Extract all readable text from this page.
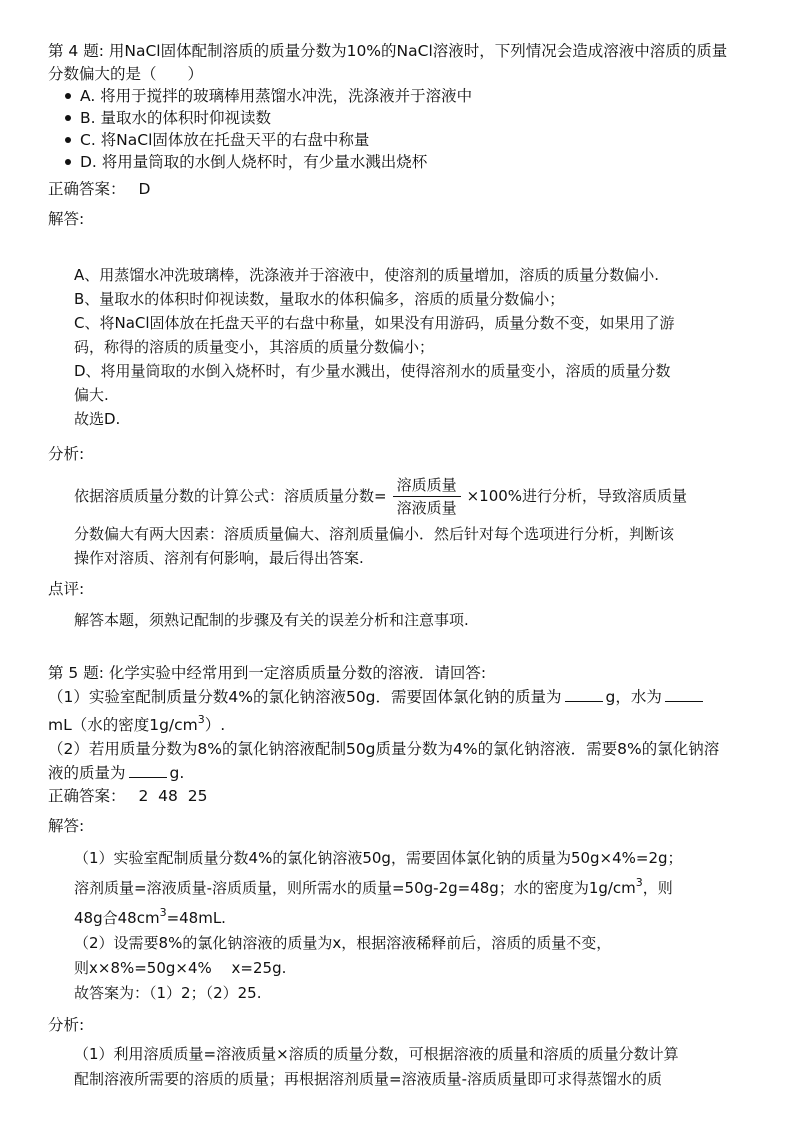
第 4 题: 用NaCl固体配制溶质的质量分数为10%的NaCl溶液时，下列情况会造成溶液中溶质的质量
分数偏大的是（　　）
A. 将用于搅拌的玻璃棒用蒸馏水冲洗，洗涤液并于溶液中
B. 量取水的体积时仰视读数
C. 将NaCl固体放在托盘天平的右盘中称量
D. 将用量筒取的水倒人烧杯时，有少量水溅出烧杯
正确答案： D
解答:
A、用蒸馏水冲洗玻璃棒，洗涤液并于溶液中，使溶剂的质量增加，溶质的质量分数偏小.
B、量取水的体积时仰视读数，量取水的体积偏多，溶质的质量分数偏小；
C、将NaCl固体放在托盘天平的右盘中称量，如果没有用游码，质量分数不变，如果用了游
码，称得的溶质的质量变小，其溶质的质量分数偏小；
D、将用量筒取的水倒入烧杯时，有少量水溅出，使得溶剂水的质量变小，溶质的质量分数
偏大.
故选D.
分析:
依据溶质质量分数的计算公式：溶质质量分数= $\frac{\text{溶质质量}}{\text{溶液质量}} \times 100\%$进行分析，导致溶质质量
分数偏大有两大因素：溶质质量偏大、溶剂质量偏小．然后针对每个选项进行分析，判断该
操作对溶质、溶剂有何影响，最后得出答案.
点评:
解答本题，须熟记配制的步骤及有关的误差分析和注意事项.
第 5 题: 化学实验中经常用到一定溶质质量分数的溶液．请回答:
（1）实验室配制质量分数4%的氯化钠溶液50g．需要固体氯化钠的质量为	g，水为
mL（水的密度$1g/cm^3$）.
（2）若用质量分数为8%的氯化钠溶液配制50g质量分数为4%的氯化钠溶液．需要8%的氯化钠溶
液的质量为	g.
正确答案： 2  48  25
解答:
（1）实验室配制质量分数4%的氯化钠溶液50g，需要固体氯化钠的质量为50g×4%=2g；
溶剂质量=溶液质量-溶质质量，则所需水的质量=50g-2g=48g；水的密度为$1g/cm^3$，则
48g合$48cm^3=48mL$.
（2）设需要8%的氯化钠溶液的质量为x，根据溶液稀释前后，溶质的质量不变，
则x×8%=50g×4%　 x=25g.
故答案为：（1）2；（2）25.
分析:
（1）利用溶质质量=溶液质量×溶质的质量分数，可根据溶液的质量和溶质的质量分数计算
配制溶液所需要的溶质的质量；再根据溶剂质量=溶液质量-溶质质量即可求得蒸馏水的质
